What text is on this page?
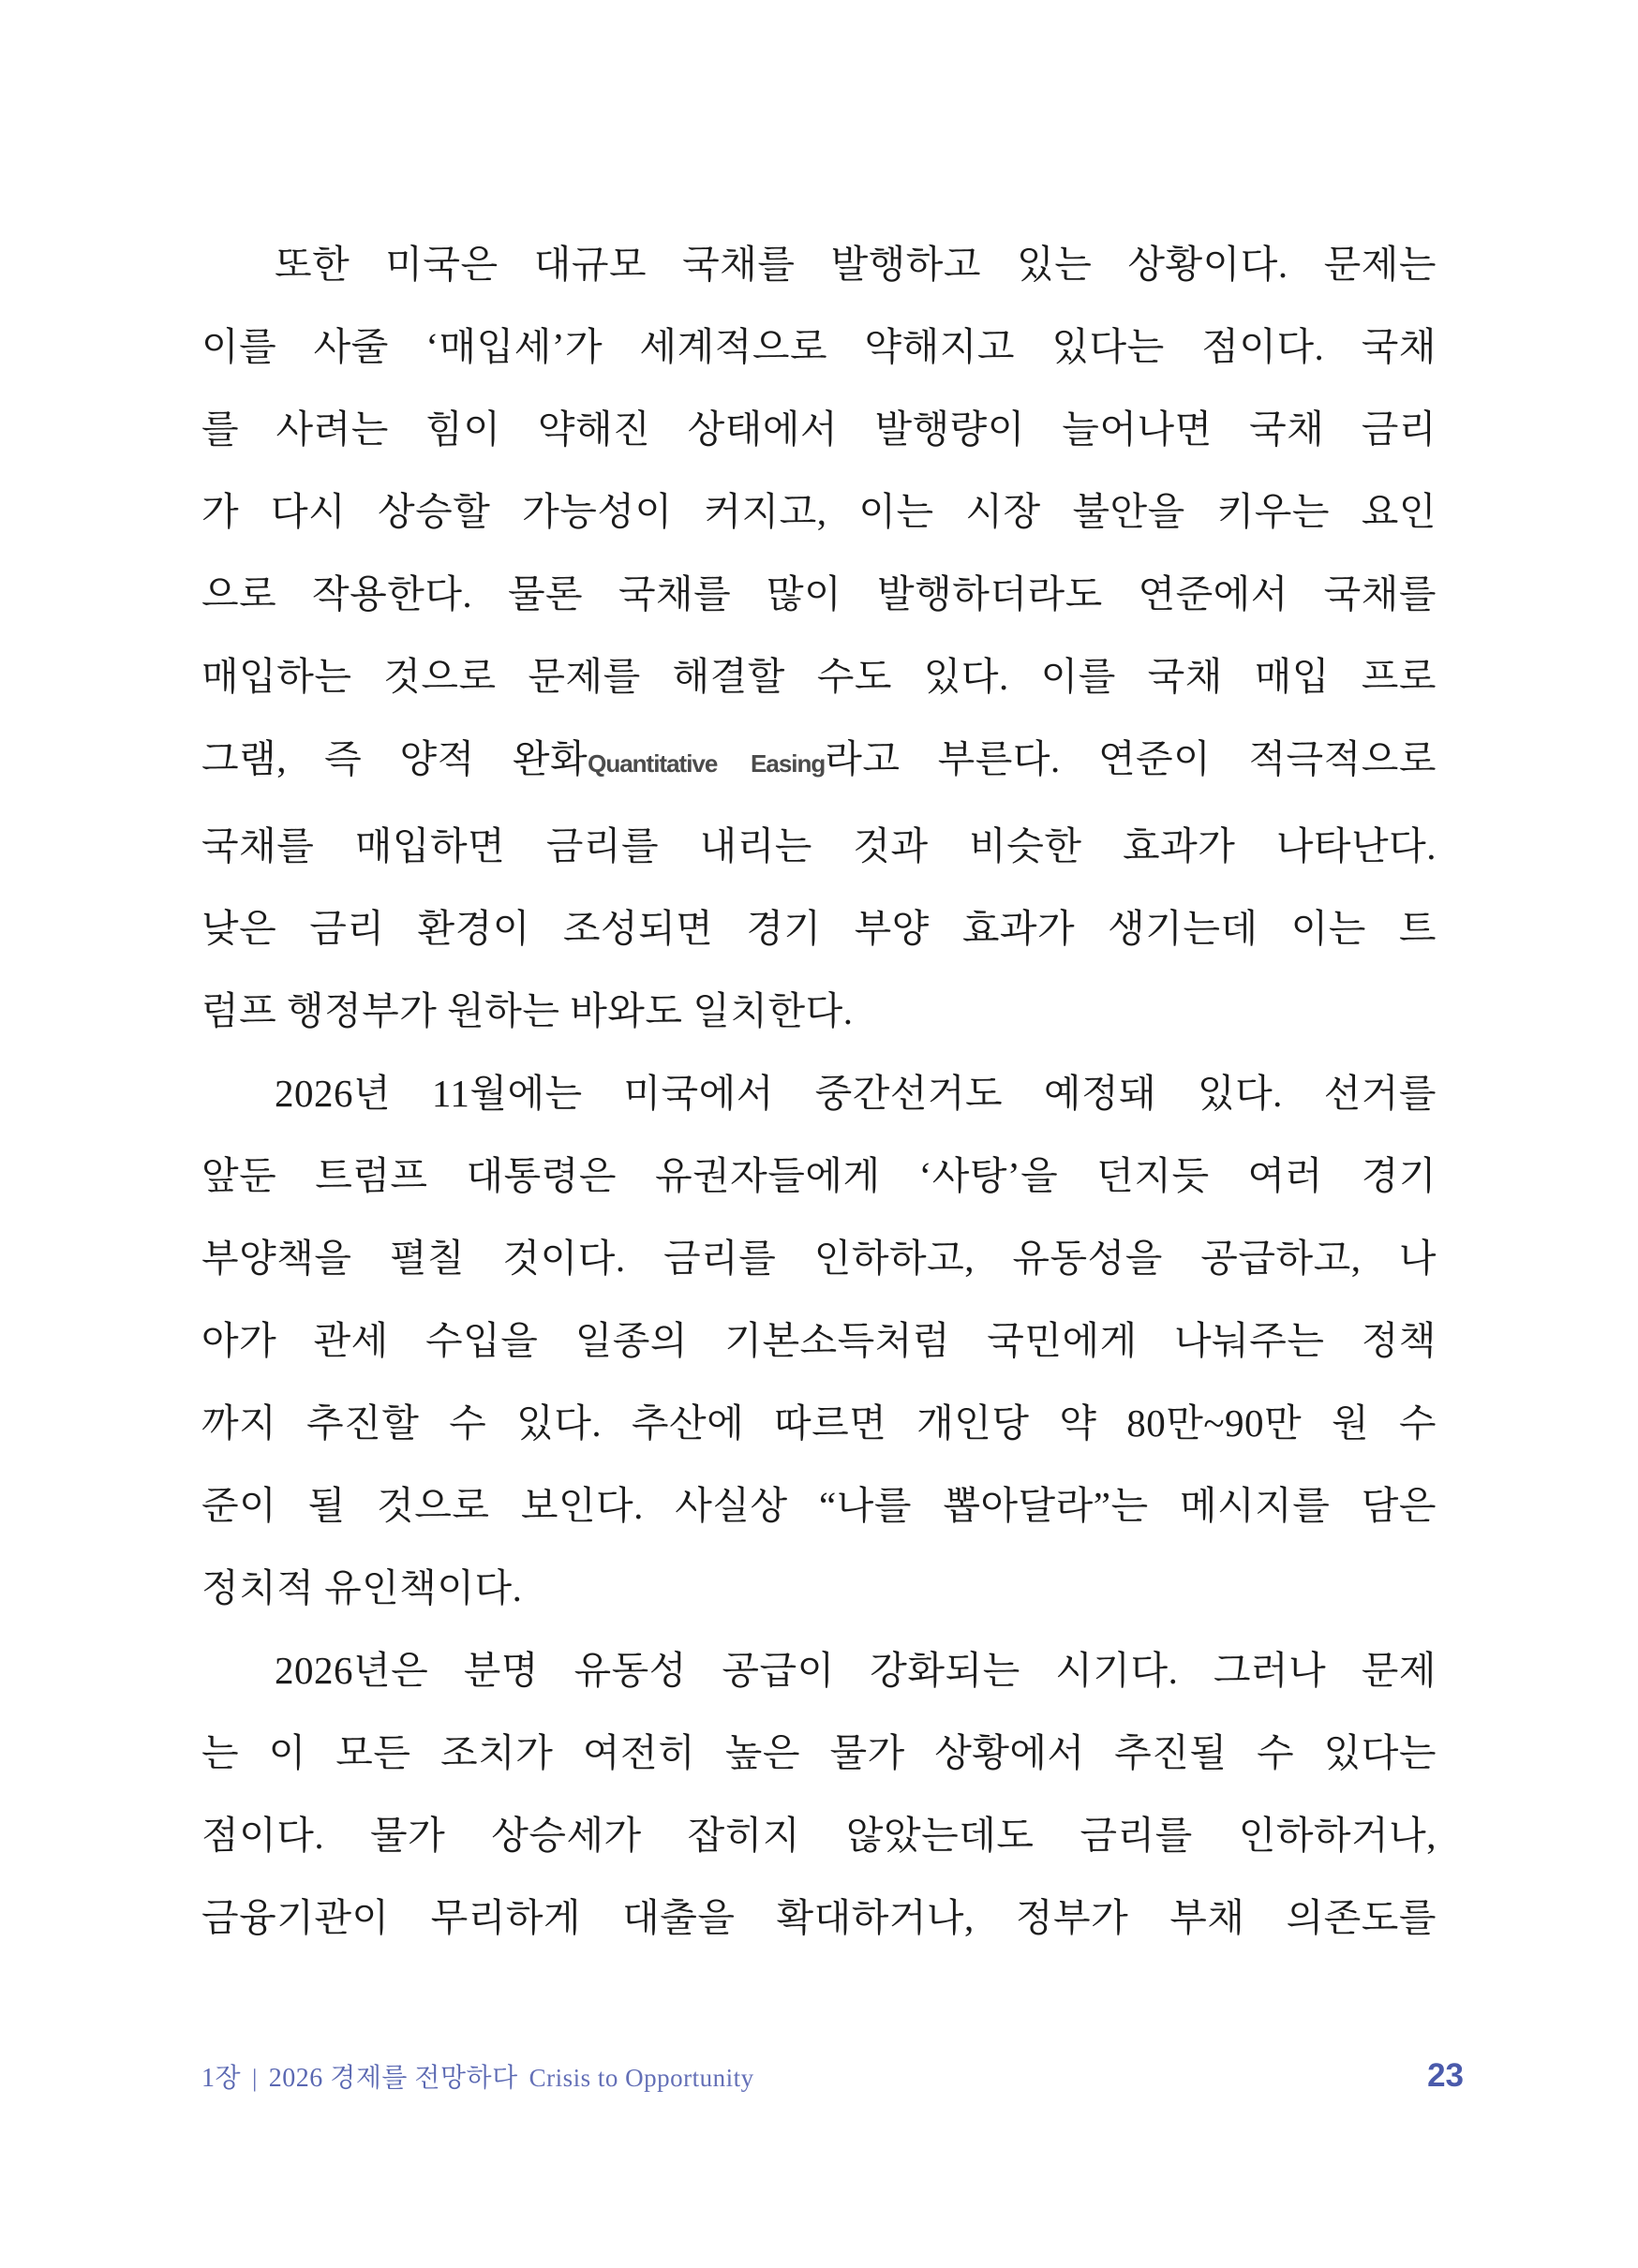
또한 미국은 대규모 국채를 발행하고 있는 상황이다. 문제는
이를 사줄 ‘매입세’가 세계적으로 약해지고 있다는 점이다. 국채
를 사려는 힘이 약해진 상태에서 발행량이 늘어나면 국채 금리
가 다시 상승할 가능성이 커지고, 이는 시장 불안을 키우는 요인
으로 작용한다. 물론 국채를 많이 발행하더라도 연준에서 국채를
매입하는 것으로 문제를 해결할 수도 있다. 이를 국채 매입 프로
그램, 즉 양적 완화Quantitative Easing라고 부른다. 연준이 적극적으로
국채를 매입하면 금리를 내리는 것과 비슷한 효과가 나타난다.
낮은 금리 환경이 조성되면 경기 부양 효과가 생기는데 이는 트
럼프 행정부가 원하는 바와도 일치한다.
2026년 11월에는 미국에서 중간선거도 예정돼 있다. 선거를
앞둔 트럼프 대통령은 유권자들에게 ‘사탕’을 던지듯 여러 경기
부양책을 펼칠 것이다. 금리를 인하하고, 유동성을 공급하고, 나
아가 관세 수입을 일종의 기본소득처럼 국민에게 나눠주는 정책
까지 추진할 수 있다. 추산에 따르면 개인당 약 80만~90만 원 수
준이 될 것으로 보인다. 사실상 “나를 뽑아달라”는 메시지를 담은
정치적 유인책이다.
2026년은 분명 유동성 공급이 강화되는 시기다. 그러나 문제
는 이 모든 조치가 여전히 높은 물가 상황에서 추진될 수 있다는
점이다. 물가 상승세가 잡히지 않았는데도 금리를 인하하거나,
금융기관이 무리하게 대출을 확대하거나, 정부가 부채 의존도를
1장 | 2026 경제를 전망하다 Crisis to Opportunity	23
